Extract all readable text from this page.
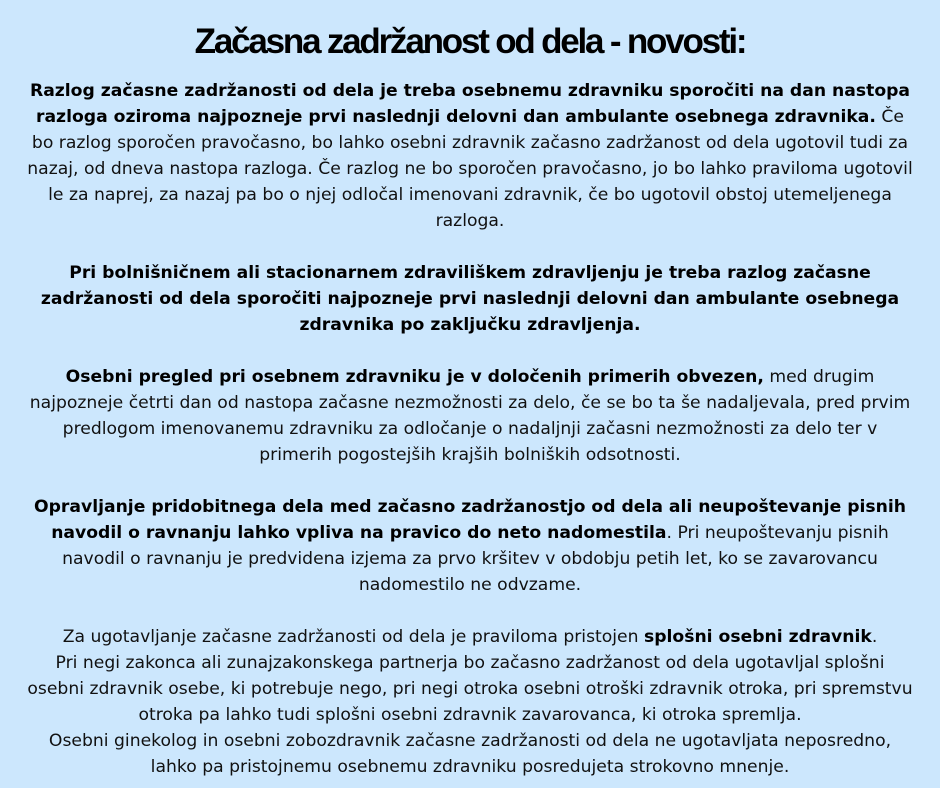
Začasna zadržanost od dela - novosti:

Razlog začasne zadržanosti od dela je treba osebnemu zdravniku sporočiti na dan nastopa razloga oziroma najpozneje prvi naslednji delovni dan ambulante osebnega zdravnika. Če bo razlog sporočen pravočasno, bo lahko osebni zdravnik začasno zadržanost od dela ugotovil tudi za nazaj, od dneva nastopa razloga. Če razlog ne bo sporočen pravočasno, jo bo lahko praviloma ugotovil le za naprej, za nazaj pa bo o njej odločal imenovani zdravnik, če bo ugotovil obstoj utemeljenega razloga.

Pri bolnišničnem ali stacionarnem zdraviliškem zdravljenju je treba razlog začasne zadržanosti od dela sporočiti najpozneje prvi naslednji delovni dan ambulante osebnega zdravnika po zaključku zdravljenja.

Osebni pregled pri osebnem zdravniku je v določenih primerih obvezen, med drugim najpozneje četrti dan od nastopa začasne nezmožnosti za delo, če se bo ta še nadaljevala, pred prvim predlogom imenovanemu zdravniku za odločanje o nadaljnji začasni nezmožnosti za delo ter v primerih pogostejših krajših bolniških odsotnosti.

Opravljanje pridobitnega dela med začasno zadržanostjo od dela ali neupoštevanje pisnih navodil o ravnanju lahko vpliva na pravico do neto nadomestila. Pri neupoštevanju pisnih navodil o ravnanju je predvidena izjema za prvo kršitev v obdobju petih let, ko se zavarovancu nadomestilo ne odvzame.

Za ugotavljanje začasne zadržanosti od dela je praviloma pristojen splošni osebni zdravnik.
Pri negi zakonca ali zunajzakonskega partnerja bo začasno zadržanost od dela ugotavljal splošni osebni zdravnik osebe, ki potrebuje nego, pri negi otroka osebni otroški zdravnik otroka, pri spremstvu otroka pa lahko tudi splošni osebni zdravnik zavarovanca, ki otroka spremlja.
Osebni ginekolog in osebni zobozdravnik začasne zadržanosti od dela ne ugotavljata neposredno, lahko pa pristojnemu osebnemu zdravniku posredujeta strokovno mnenje.
